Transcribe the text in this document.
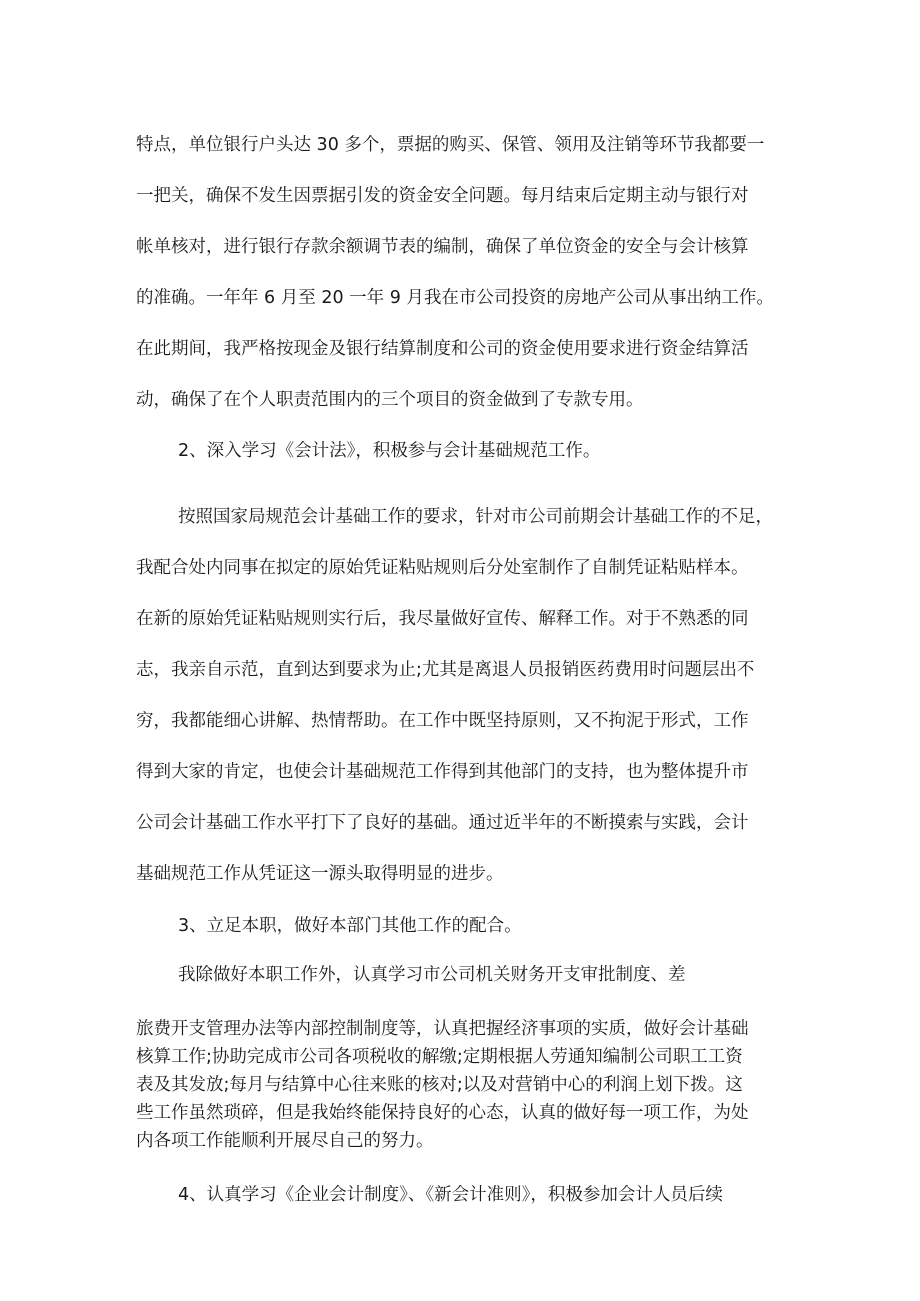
特点，单位银行户头达 30 多个，票据的购买、保管、领用及注销等环节我都要一
一把关，确保不发生因票据引发的资金安全问题。每月结束后定期主动与银行对
帐单核对，进行银行存款余额调节表的编制，确保了单位资金的安全与会计核算
的准确。一年年 6 月至 20 一年 9 月我在市公司投资的房地产公司从事出纳工作。
在此期间，我严格按现金及银行结算制度和公司的资金使用要求进行资金结算活
动，确保了在个人职责范围内的三个项目的资金做到了专款专用。
2、深入学习《会计法》，积极参与会计基础规范工作。
按照国家局规范会计基础工作的要求，针对市公司前期会计基础工作的不足，
我配合处内同事在拟定的原始凭证粘贴规则后分处室制作了自制凭证粘贴样本。
在新的原始凭证粘贴规则实行后，我尽量做好宣传、解释工作。对于不熟悉的同
志，我亲自示范，直到达到要求为止;尤其是离退人员报销医药费用时问题层出不
穷，我都能细心讲解、热情帮助。在工作中既坚持原则，又不拘泥于形式，工作
得到大家的肯定，也使会计基础规范工作得到其他部门的支持，也为整体提升市
公司会计基础工作水平打下了良好的基础。通过近半年的不断摸索与实践，会计
基础规范工作从凭证这一源头取得明显的进步。
3、立足本职，做好本部门其他工作的配合。
我除做好本职工作外，认真学习市公司机关财务开支审批制度、差
旅费开支管理办法等内部控制制度等，认真把握经济事项的实质，做好会计基础
核算工作;协助完成市公司各项税收的解缴;定期根据人劳通知编制公司职工工资
表及其发放;每月与结算中心往来账的核对;以及对营销中心的利润上划下拨。这
些工作虽然琐碎，但是我始终能保持良好的心态，认真的做好每一项工作，为处
内各项工作能顺利开展尽自己的努力。
4、认真学习《企业会计制度》、《新会计准则》，积极参加会计人员后续
